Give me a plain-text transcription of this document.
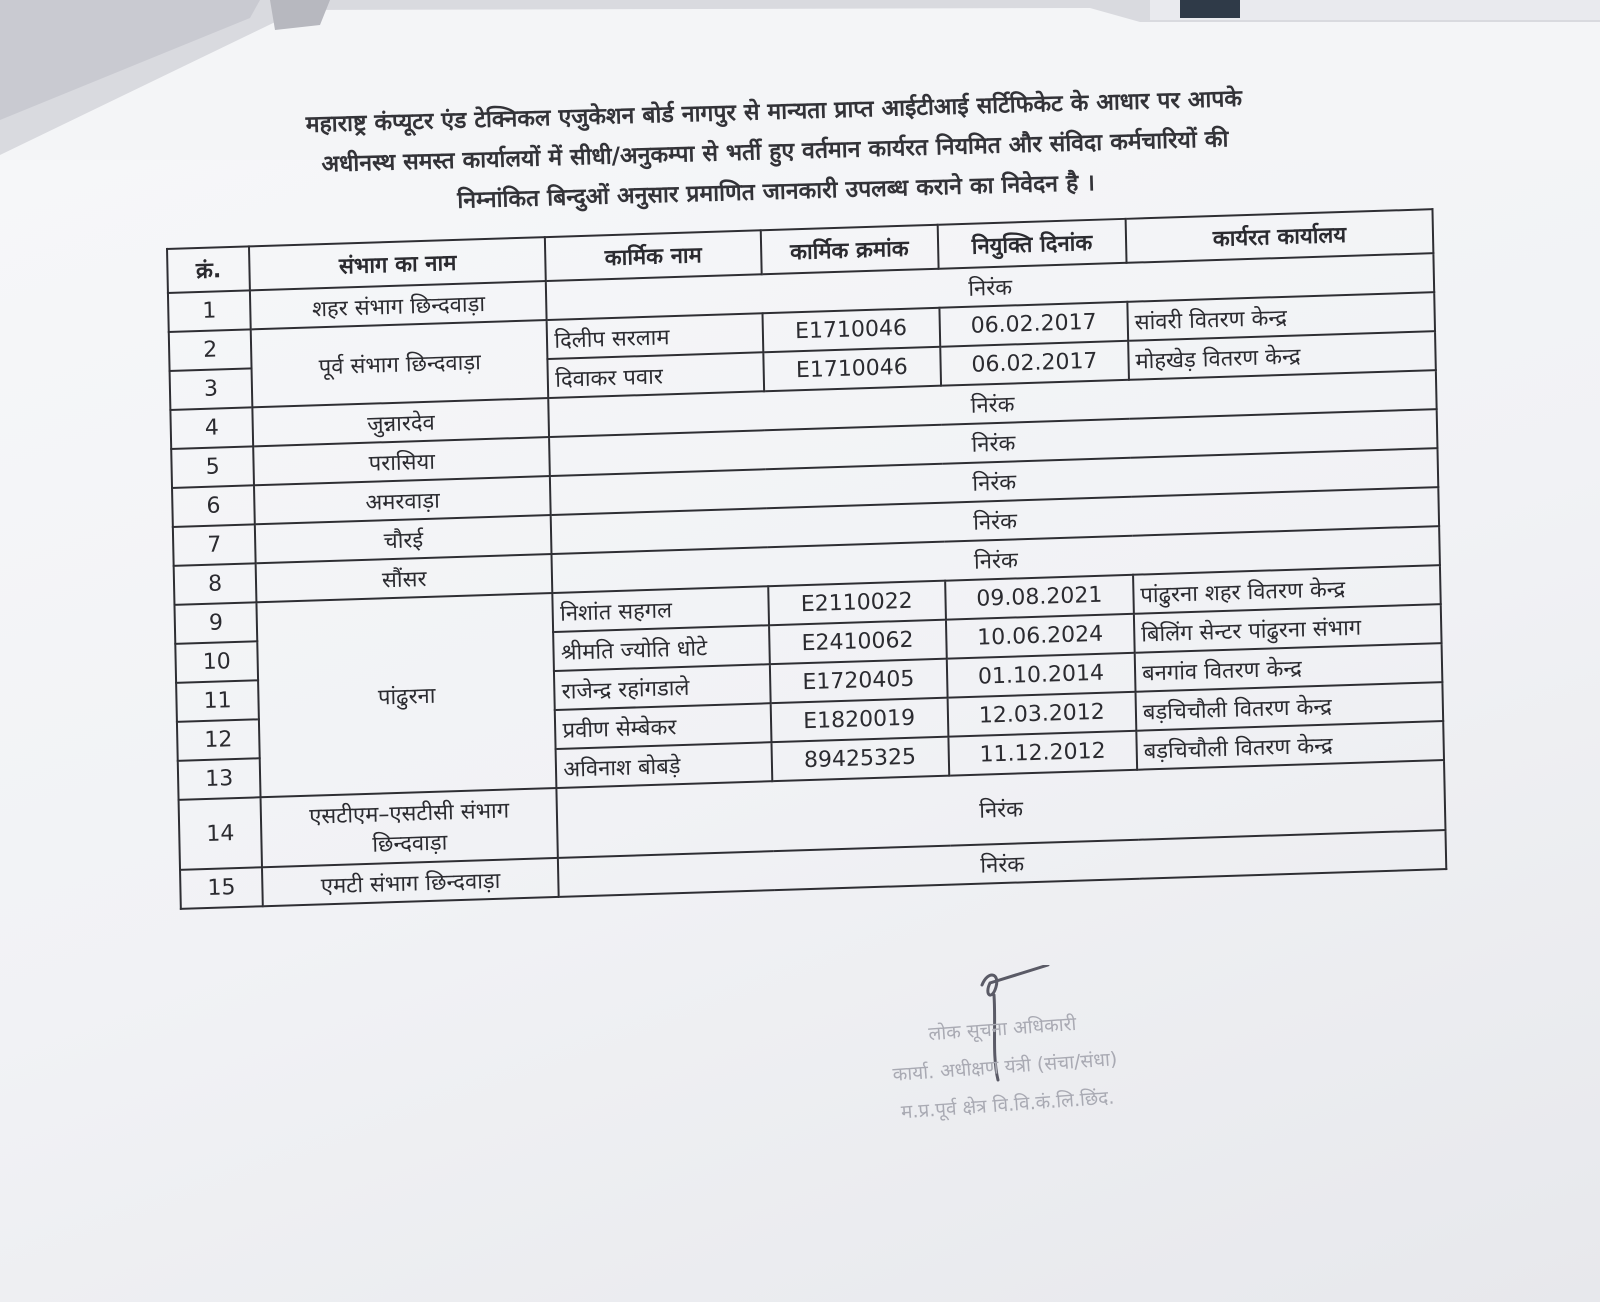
महाराष्ट्र कंप्यूटर एंड टेक्निकल एजुकेशन बोर्ड नागपुर से मान्यता प्राप्त आईटीआई सर्टिफिकेट के आधार पर आपके

अधीनस्थ समस्त कार्यालयों में सीधी/अनुकम्पा से भर्ती हुए वर्तमान कार्यरत नियमित और संविदा कर्मचारियों की

निम्नांकित बिन्दुओं अनुसार प्रमाणित जानकारी उपलब्ध कराने का निवेदन है ।

क्रं.	संभाग का नाम	कार्मिक नाम	कार्मिक क्रमांक	नियुक्ति दिनांक	कार्यरत कार्यालय
1	शहर संभाग छिन्दवाड़ा	निरंक			
2	पूर्व संभाग छिन्दवाड़ा	दिलीप सरलाम	E1710046	06.02.2017	सांवरी वितरण केन्द्र
3		दिवाकर पवार	E1710046	06.02.2017	मोहखेड़ वितरण केन्द्र
4	जुन्नारदेव	निरंक			
5	परासिया	निरंक			
6	अमरवाड़ा	निरंक			
7	चौरई	निरंक			
8	सौंसर	निरंक			
9	पांढुरना	निशांत सहगल	E2110022	09.08.2021	पांढुरना शहर वितरण केन्द्र
10		श्रीमति ज्योति धोटे	E2410062	10.06.2024	बिलिंग सेन्टर पांढुरना संभाग
11		राजेन्द्र रहांगडाले	E1720405	01.10.2014	बनगांव वितरण केन्द्र
12		प्रवीण सेम्बेकर	E1820019	12.03.2012	बड़चिचौली वितरण केन्द्र
13		अविनाश बोबड़े	89425325	11.12.2012	बड़चिचौली वितरण केन्द्र
14	एसटीएम–एसटीसी संभाग
छिन्दवाड़ा	निरंक			
15	एमटी संभाग छिन्दवाड़ा	निरंक			
लोक सूचना अधिकारी
कार्या. अधीक्षण यंत्री (संचा/संधा)
म.प्र.पूर्व क्षेत्र वि.वि.कं.लि.छिंद.
